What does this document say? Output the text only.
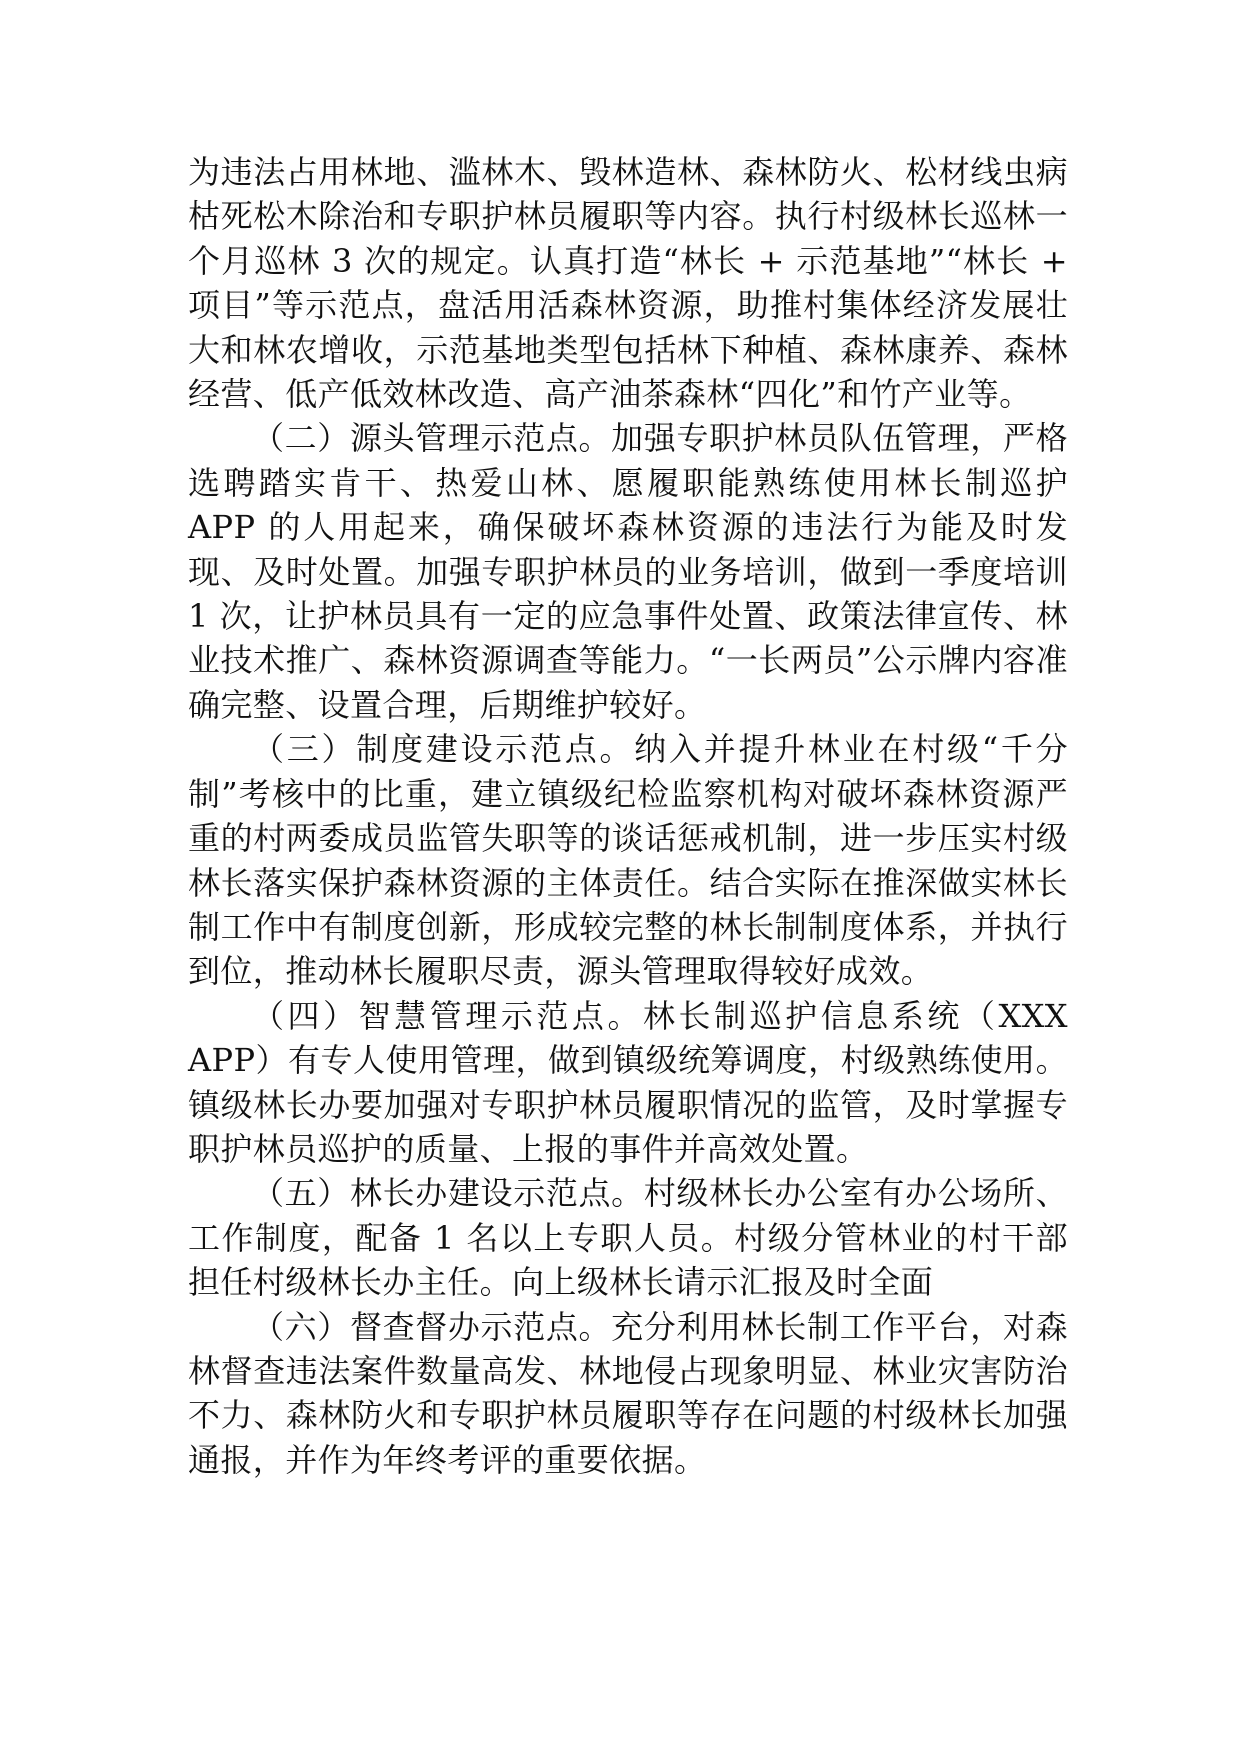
为违法占用林地、滥林木、毁林造林、森林防火、松材线虫病枯死松木除治和专职护林员履职等内容。执行村级林长巡林一个月巡林 3 次的规定。认真打造“林长 + 示范基地”“林长 + 项目”等示范点，盘活用活森林资源，助推村集体经济发展壮大和林农增收，示范基地类型包括林下种植、森林康养、森林经营、低产低效林改造、高产油茶森林“四化”和竹产业等。

（二）源头管理示范点。加强专职护林员队伍管理，严格选聘踏实肯干、热爱山林、愿履职能熟练使用林长制巡护 APP 的人用起来，确保破坏森林资源的违法行为能及时发现、及时处置。加强专职护林员的业务培训，做到一季度培训 1 次，让护林员具有一定的应急事件处置、政策法律宣传、林业技术推广、森林资源调查等能力。“一长两员”公示牌内容准确完整、设置合理，后期维护较好。

（三）制度建设示范点。纳入并提升林业在村级“千分制”考核中的比重，建立镇级纪检监察机构对破坏森林资源严重的村两委成员监管失职等的谈话惩戒机制，进一步压实村级林长落实保护森林资源的主体责任。结合实际在推深做实林长制工作中有制度创新，形成较完整的林长制制度体系，并执行到位，推动林长履职尽责，源头管理取得较好成效。

（四）智慧管理示范点。林长制巡护信息系统（XXX APP）有专人使用管理，做到镇级统筹调度，村级熟练使用。镇级林长办要加强对专职护林员履职情况的监管，及时掌握专职护林员巡护的质量、上报的事件并高效处置。

（五）林长办建设示范点。村级林长办公室有办公场所、工作制度，配备 1 名以上专职人员。村级分管林业的村干部担任村级林长办主任。向上级林长请示汇报及时全面

（六）督查督办示范点。充分利用林长制工作平台，对森林督查违法案件数量高发、林地侵占现象明显、林业灾害防治不力、森林防火和专职护林员履职等存在问题的村级林长加强通报，并作为年终考评的重要依据。
